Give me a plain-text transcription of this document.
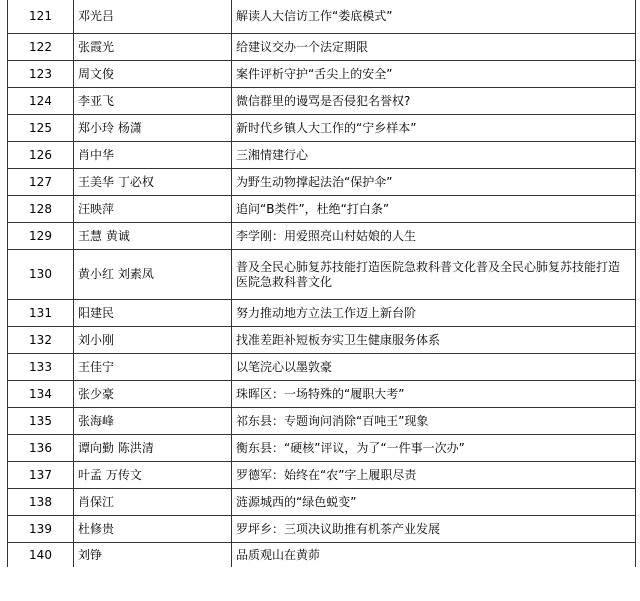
121	邓光吕	解读人大信访工作“娄底模式”
122	张霞光	给建议交办一个法定期限
123	周文俊	案件评析守护“舌尖上的安全”
124	李亚飞	微信群里的谩骂是否侵犯名誉权?
125	郑小玲 杨潇	新时代乡镇人大工作的“宁乡样本”
126	肖中华	三湘情建行心
127	王美华 丁必权	为野生动物撑起法治“保护伞”
128	汪映萍	追问“B类件”，杜绝“打白条”
129	王慧 黄诚	李学刚：用爱照亮山村姑娘的人生
130	黄小红 刘素凤	普及全民心肺复苏技能打造医院急救科普文化普及全民心肺复苏技能打造医院急救科普文化
131	阳建民	努力推动地方立法工作迈上新台阶
132	刘小刚	找准差距补短板夯实卫生健康服务体系
133	王佳宁	以笔浣心以墨敦豪
134	张少豪	珠晖区：一场特殊的“履职大考”
135	张海峰	祁东县：专题询问消除“百吨王”现象
136	谭向勤 陈洪清	衡东县：“硬核”评议，为了“一件事一次办”
137	叶孟 万传文	罗德军：始终在“农”字上履职尽责
138	肖保江	涟源城西的“绿色蜕变”
139	杜修贵	罗坪乡：三项决议助推有机茶产业发展
140	刘铮	品质观山在黄茆
